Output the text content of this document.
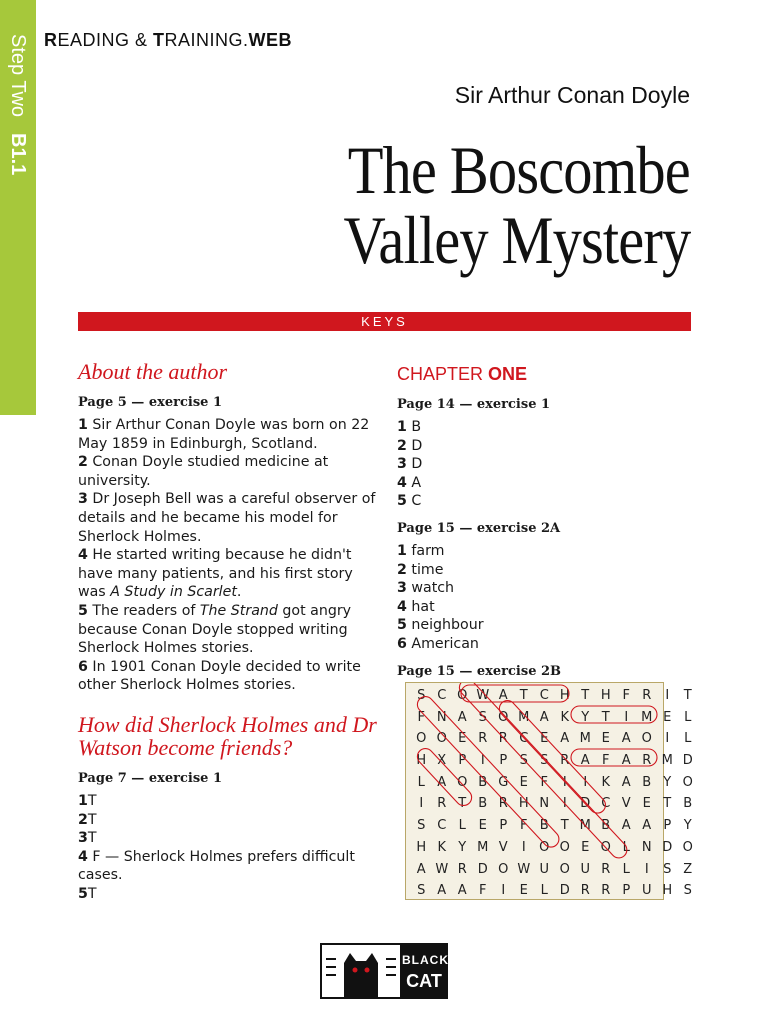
Step Two B1.1
READING & TRAINING.WEB
Sir Arthur Conan Doyle
The Boscombe
Valley Mystery
KEYS
About the author
Page 5 — exercise 1
1 Sir Arthur Conan Doyle was born on 22 May 1859 in Edinburgh, Scotland.
2 Conan Doyle studied medicine at university.
3 Dr Joseph Bell was a careful observer of details and he became his model for Sherlock Holmes.
4 He started writing because he didn't have many patients, and his first story was A Study in Scarlet.
5 The readers of The Strand got angry because Conan Doyle stopped writing Sherlock Holmes stories.
6 In 1901 Conan Doyle decided to write other Sherlock Holmes stories.
How did Sherlock Holmes and Dr Watson become friends?
Page 7 — exercise 1
1T
2T
3T
4 F — Sherlock Holmes prefers difficult cases.
5T
CHAPTER ONE
Page 14 — exercise 1
1 B
2 D
3 D
4 A
5 C
Page 15 — exercise 2A
1 farm
2 time
3 watch
4 hat
5 neighbour
6 American
Page 15 — exercise 2B
S C O W A T C H T H F R	I	T
F N A S O M A K Y T	I M E L
O O E R R C E A M E A O	I	L
H X P	I	P S S R A F A R M D
L A O B G E F	I	I	K A B Y O
I	R T B R H N	I	D C V E T B
S C L E P F B T M B A A P Y
H K Y M V	I	O O E O L N D O
A W R D O W U O U R L	I	S Z
S A A F	I	E L D R R P U H S
BLACK
CAT
